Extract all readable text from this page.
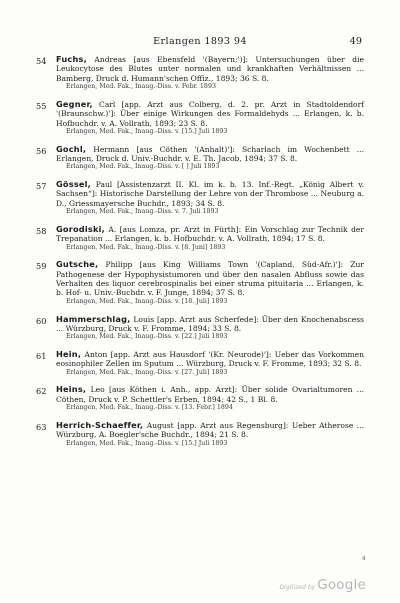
Erlangen 1893 94	49
54 Fuchs, Andreas [aus Ebensfeld '(Bayern;')]: Untersuchungen über die Leukocytose des Blutes unter normalen und krankhaften Verhältnissen ... Bamberg, Druck d. Humann'schen Offiz., 1893; 36 S. 8.
Erlangen, Med. Fak., Inaug.-Diss. v. Febr. 1893
55 Gegner, Carl [app. Arzt aus Colberg, d. 2. pr. Arzt in Stadtoldendorf '(Braunschw.)']: Über einige Wirkungen des Formaldehyds ... Erlangen, k. b. Hofbuchdr. v. A. Vollrath, 1893; 23 S. 8.
Erlangen, Med. Fak., Inaug.-Diss. v. [15.] Juli 1893
56 Gochl, Hermann [aus Cöthen '(Anhalt)']: Scharlach im Wochenbett ... Erlangen, Druck d. Univ.-Buchdr. v. E. Th. Jacob, 1894; 37 S. 8.
Erlangen, Med. Fak., Inaug.-Diss. v. [ ] Juli 1893
57 Gössel, Paul [Assistenzarzt II. Kl. im k. b. 13. Inf.-Regt. „König Albert v. Sachsen“]: Historische Darstellung der Lehre von der Thrombose ... Neuburg a. D., Griessmayersche Buchdr., 1893; 34 S. 8.
Erlangen, Med. Fak., Inaug.-Diss. v. 7. Juli 1893
58 Gorodiski, A. [aus Lomza, pr. Arzt in Fürth]: Ein Vorschlag zur Technik der Trepanation ... Erlangen, k. b. Hofbuchdr. v. A. Vollrath, 1894; 17 S. 8.
Erlangen, Med. Fak., Inaug.-Diss. v. [8. Juni] 1893
59 Gutsche, Philipp [aus King Williams Town '(Capland, Süd-Afr.)']: Zur Pathogenese der Hypophysistumoren und über den nasalen Abfluss sowie das Verhalten des liquor cerebrospinalis bei einer struma pituitaria ... Erlangen, k. b. Hof- u. Univ.-Buchdr. v. F. Junge, 1894; 37 S. 8.
Erlangen, Med. Fak., Inaug.-Diss. v. [18. Juli] 1893
60 Hammerschlag, Louis [app. Arzt aus Scherfede]: Über den Knochenabscess ... Würzburg, Druck v. F. Fromme, 1894; 33 S. 8.
Erlangen, Med. Fak., Inaug.-Diss. v. [22.] Juli 1893
61 Hein, Anton [app. Arzt aus Hausdorf '(Kr. Neurode)']: Ueber das Vorkommen eosinophiler Zellen im Sputum ... Würzburg, Druck v. F. Fromme, 1893; 32 S. 8.
Erlangen, Med. Fak., Inaug.-Diss. v. [27. Juli] 1893
62 Heins, Leo [aus Köthen i. Anh., app. Arzt]: Über solide Ovarialtumoren ... Cöthen, Druck v. P. Schettler's Erben, 1894; 42 S., 1 Bl. 8.
Erlangen, Med. Fak., Inaug.-Diss. v. [13. Febr.] 1894
63 Herrich-Schaeffer, August [app. Arzt aus Regensburg]: Ueber Atherose ... Würzburg, A. Boegler'sche Buchdr., 1894; 21 S. 8.
Erlangen, Med. Fak., Inaug.-Diss. v. [15.] Juli 1893
4
Digitized by Google
